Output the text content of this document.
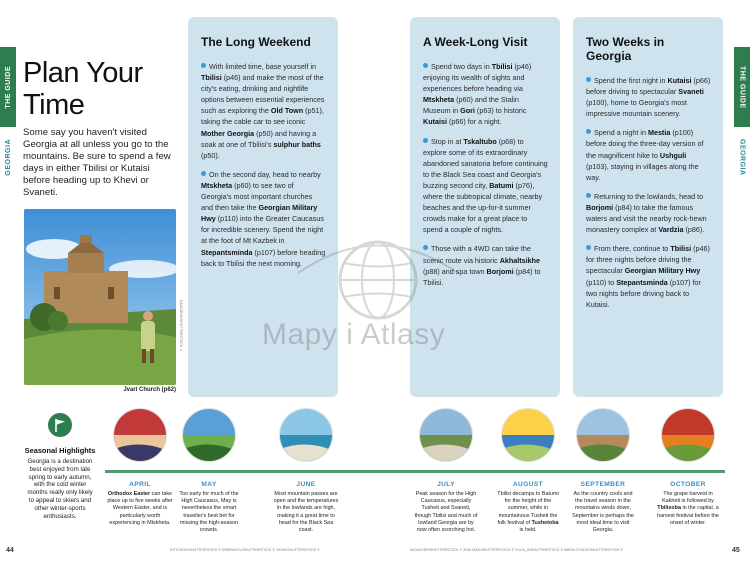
THE GUIDE
GEORGIA
THE GUIDE
GEORGIA
Plan Your
Time
Some say you haven't visited Georgia at all unless you go to the mountains. Be sure to spend a few days in either Tbilisi or Kutaisi before heading up to Khevi or Svaneti.
Jvari Church (p62)
KAGGIEVA/SHUTTERSTOCK ©
The Long Weekend

With limited time, base yourself in Tbilisi (p46) and make the most of the city's eating, drinking and nightlife options between essential experiences such as exploring the Old Town (p51), taking the cable car to see iconic Mother Georgia (p50) and having a soak at one of Tbilisi's sulphur baths (p50).

On the second day, head to nearby Mtskheta (p60) to see two of Georgia's most important churches and then take the Georgian Military Hwy (p110) into the Greater Caucasus for incredible scenery. Spend the night at the foot of Mt Kazbek in Stepantsminda (p107) before heading back to Tbilisi the next morning.

A Week-Long Visit

Spend two days in Tbilisi (p46) enjoying its wealth of sights and experiences before heading via Mtskheta (p60) and the Stalin Museum in Gori (p63) to historic Kutaisi (p66) for a night.

Stop in at Tskaltubo (p68) to explore some of its extraordinary abandoned sanatoria before continuing to the Black Sea coast and Georgia's buzzing second city, Batumi (p76), where the subtropical climate, nearby beaches and the up-for-it summer crowds make for a great place to spend a couple of nights.

Those with a 4WD can take the scenic route via historic Akhaltsikhe (p88) and spa town Borjomi (p84) to Tbilisi.

Two Weeks in Georgia

Spend the first night in Kutaisi (p66) before driving to spectacular Svaneti (p100), home to Georgia's most impressive mountain scenery.

Spend a night in Mestia (p100) before doing the three-day version of the magnificent hike to Ushguli (p103), staying in villages along the way.

Returning to the lowlands, head to Borjomi (p84) to take the famous waters and visit the nearby rock-hewn monastery complex at Vardzia (p86).

From there, continue to Tbilisi (p46) for three nights before driving the spectacular Georgian Military Hwy (p110) to Stepantsminda (p107) for two nights before driving back to Kutaisi.

Mapy i Atlasy
Seasonal Highlights

Georgia is a destination best enjoyed from late spring to early autumn, with the cold winter months really only likely to appeal to skiers and other winter-sports enthusiasts.

APRIL
Orthodox Easter can take place up to five weeks after Western Easter, and is particularly worth experiencing in Mtskheta.
MAY
Too early for much of the High Caucasus, May is nevertheless the smart traveller's best bet for missing the high-season crowds.
JUNE
Most mountain passes are open and the temperatures in the lowlands are high, making it a great time to head for the Black Sea coast.
JULY
Peak season for the High Caucasus, especially Tusheti and Svaneti, though Tbilisi and much of lowland Georgia are by now often scorching hot.
AUGUST
Tbilisi decamps to Batumi for the height of the summer, while in mountainous Tusheti the folk festival of Tushetoba is held.
SEPTEMBER
As the country cools and the travel season in the mountains winds down, September is perhaps the most ideal time to visit Georgia.
OCTOBER
The grape harvest in Kakheti is followed by Tbilisoba in the capital, a harvest festival before the onset of winter.
EOTOKOH/SHUTTERSTOCK © IREBNIKOV/SHUTTERSTOCK © YASEI/SHUTTERSTOCK ©	INCANGER/SHUTTERSTOCK © ZHAI MAO/SHUTTERSTOCK © YULIA_B/SHUTTERSTOCK © MARIA STUDIO/SHUTTERSTOCK ©
44	45
